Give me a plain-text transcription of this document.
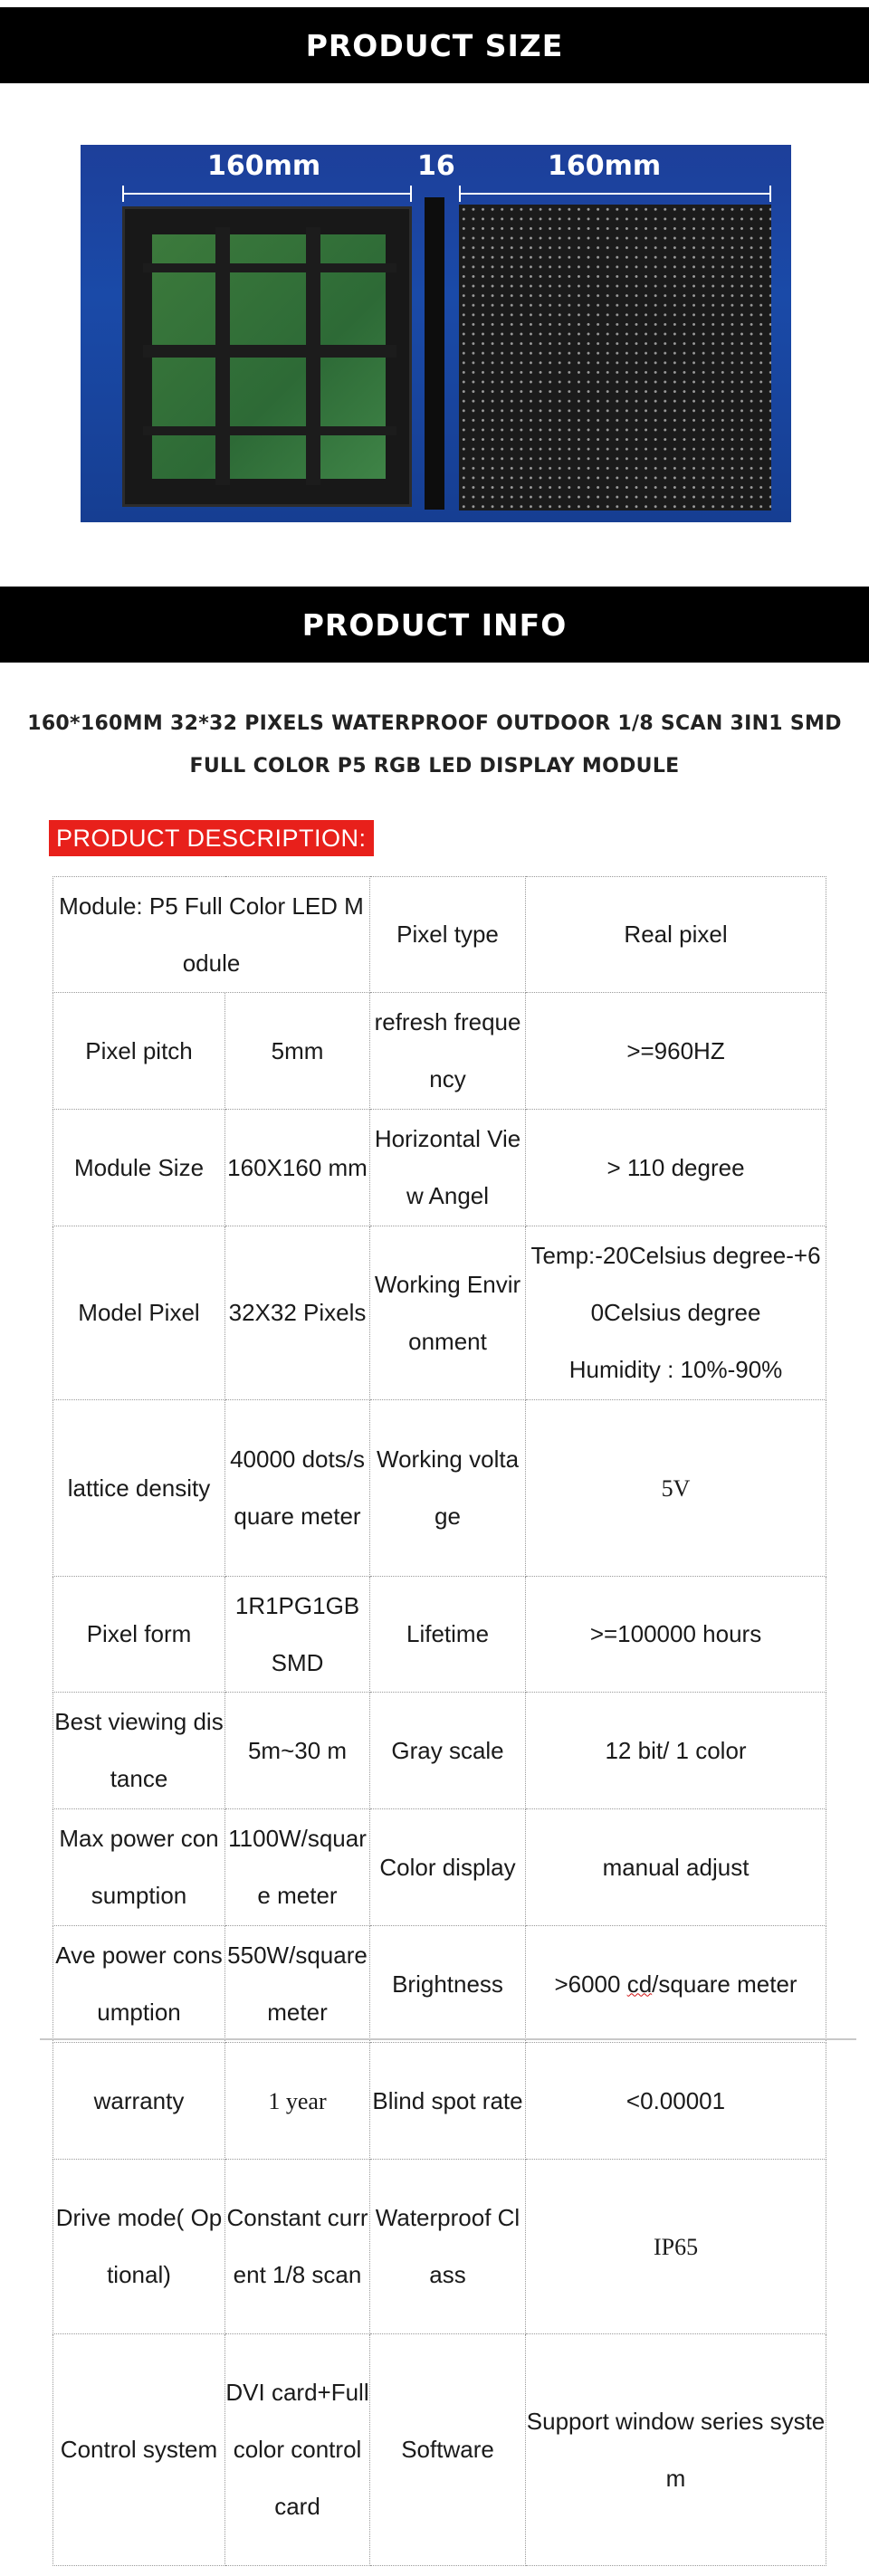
PRODUCT SIZE
160mm	16	160mm
PRODUCT INFO
160*160MM 32*32 PIXELS WATERPROOF OUTDOOR 1/8 SCAN 3IN1 SMD FULL COLOR P5 RGB LED DISPLAY MODULE
PRODUCT DESCRIPTION:
Module: P5 Full Color LED Module		Pixel type	Real pixel
Pixel pitch	5mm	refresh frequency	>=960HZ
Module Size	160X160 mm	Horizontal View Angel	> 110 degree
Model Pixel	32X32 Pixels	Working Environment	Temp:-20Celsius degree-+60Celsius degree
Humidity : 10%-90%

lattice density	40000 dots/square meter	Working voltage	5V
Pixel form	1R1PG1GB SMD	Lifetime	>=100000 hours
Best viewing distance	5m~30 m	Gray scale	12 bit/ 1 color
Max power consumption	1100W/square meter	Color display	manual adjust
Ave power consumption	550W/square meter	Brightness	>6000 cd/square meter
warranty	1 year	Blind spot rate	<0.00001
Drive mode( Optional)	Constant current 1/8 scan	Waterproof Class	IP65
Control system	DVI card+Full color control card	Software	Support window series system
